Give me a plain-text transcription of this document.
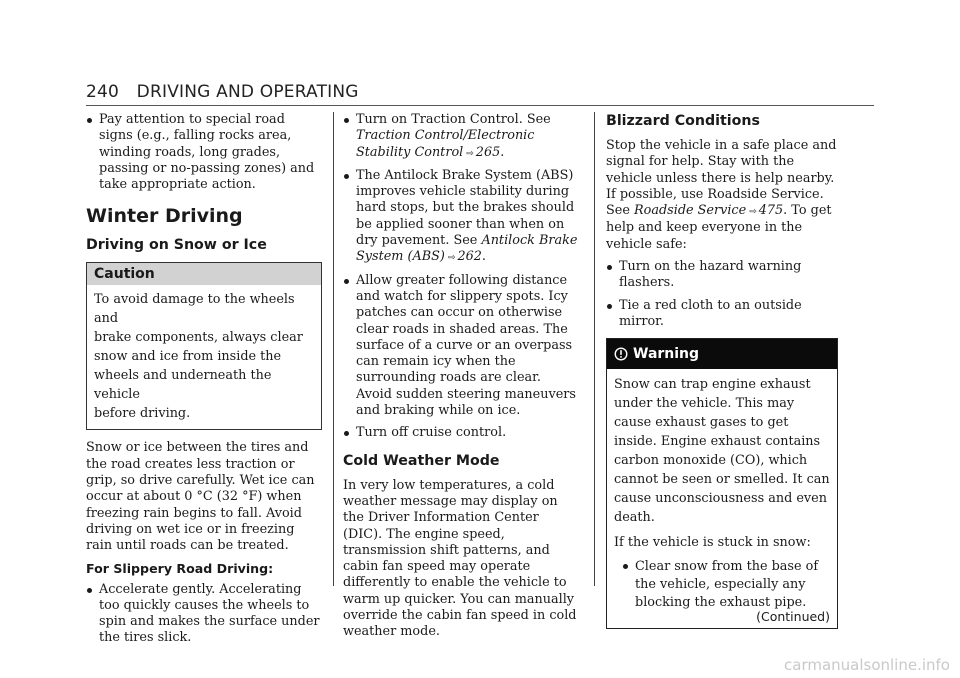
240 DRIVING AND OPERATING
Pay attention to special road signs (e.g., falling rocks area, winding roads, long grades, passing or no-passing zones) and take appropriate action.
Winter Driving
Driving on Snow or Ice
Caution

To avoid damage to the wheels and

brake components, always clear

snow and ice from inside the

wheels and underneath the vehicle

before driving.

Snow or ice between the tires and the road creates less traction or grip, so drive carefully. Wet ice can occur at about 0 °C (32 °F) when freezing rain begins to fall. Avoid driving on wet ice or in freezing rain until roads can be treated.

For Slippery Road Driving:
Accelerate gently. Accelerating too quickly causes the wheels to spin and makes the surface under the tires slick.
Turn on Traction Control. See Traction Control/Electronic Stability Control ⇨ 265.
The Antilock Brake System (ABS) improves vehicle stability during hard stops, but the brakes should be applied sooner than when on dry pavement. See Antilock Brake System (ABS) ⇨ 262.
Allow greater following distance and watch for slippery spots. Icy patches can occur on otherwise clear roads in shaded areas. The surface of a curve or an overpass can remain icy when the surrounding roads are clear. Avoid sudden steering maneuvers and braking while on ice.
Turn off cruise control.
Cold Weather Mode

In very low temperatures, a cold weather message may display on the Driver Information Center (DIC). The engine speed, transmission shift patterns, and cabin fan speed may operate differently to enable the vehicle to warm up quicker. You can manually override the cabin fan speed in cold weather mode.

Blizzard Conditions

Stop the vehicle in a safe place and signal for help. Stay with the vehicle unless there is help nearby. If possible, use Roadside Service. See Roadside Service ⇨ 475. To get help and keep everyone in the vehicle safe:

Turn on the hazard warning flashers.
Tie a red cloth to an outside mirror.
Warning

Snow can trap engine exhaust under the vehicle. This may cause exhaust gases to get inside. Engine exhaust contains carbon monoxide (CO), which cannot be seen or smelled. It can cause unconsciousness and even death.

If the vehicle is stuck in snow:

Clear snow from the base of the vehicle, especially any blocking the exhaust pipe.
(Continued)
carmanualsonline.info
